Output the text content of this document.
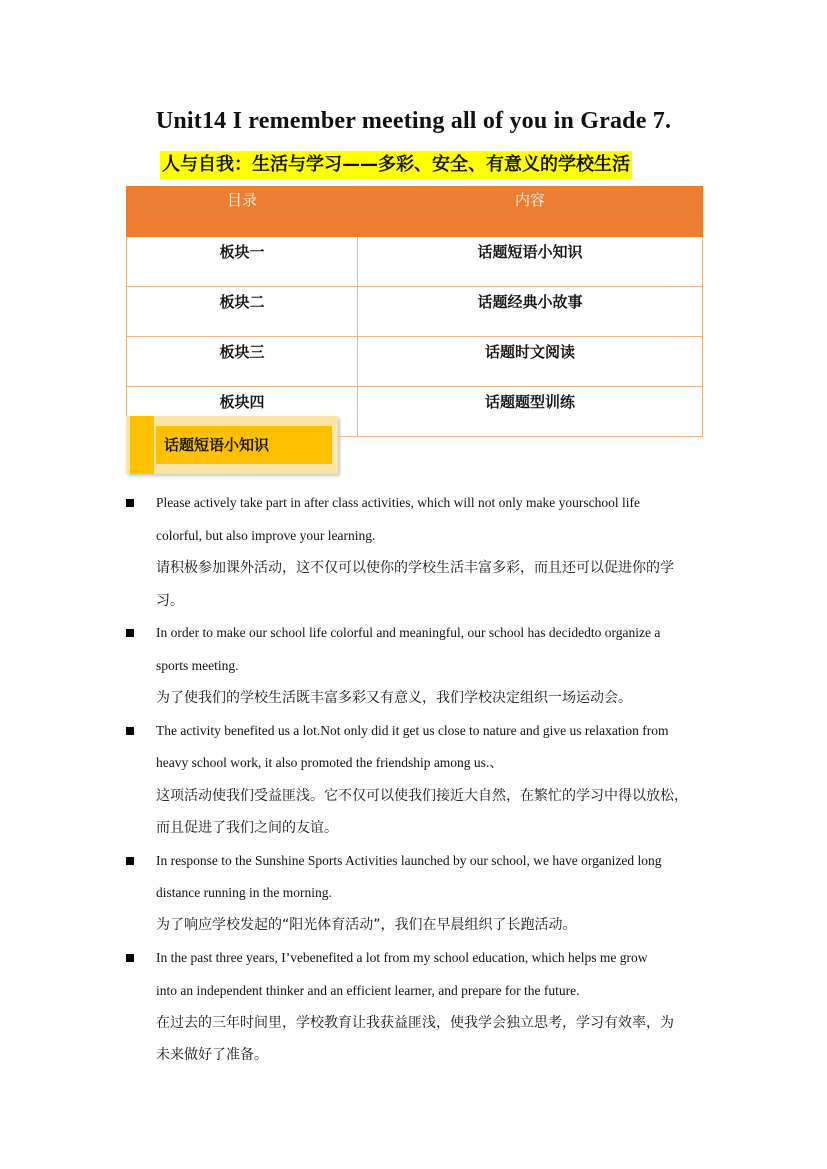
Unit14 I remember meeting all of you in Grade 7.
人与自我：生活与学习——多彩、安全、有意义的学校生活
目录	内容
板块一	话题短语小知识
板块二	话题经典小故事
板块三	话题时文阅读
板块四	话题题型训练
话题短语小知识
Please actively take part in after class activities, which will not only make yourschool life
colorful, but also improve your learning.
请积极参加课外活动，这不仅可以使你的学校生活丰富多彩，而且还可以促进你的学
习。
In order to make our school life colorful and meaningful, our school has decidedto organize a
sports meeting.
为了使我们的学校生活既丰富多彩又有意义，我们学校决定组织一场运动会。
The activity benefited us a lot.Not only did it get us close to nature and give us relaxation from
heavy school work, it also promoted the friendship among us.、
这项活动使我们受益匪浅。它不仅可以使我们接近大自然，在繁忙的学习中得以放松，
而且促进了我们之间的友谊。
In response to the Sunshine Sports Activities launched by our school, we have organized long
distance running in the morning.
为了响应学校发起的“阳光体育活动”，我们在早晨组织了长跑活动。
In the past three years, I’vebenefited a lot from my school education, which helps me grow
into an independent thinker and an efficient learner, and prepare for the future.
在过去的三年时间里，学校教育让我获益匪浅，使我学会独立思考，学习有效率，为
未来做好了准备。
